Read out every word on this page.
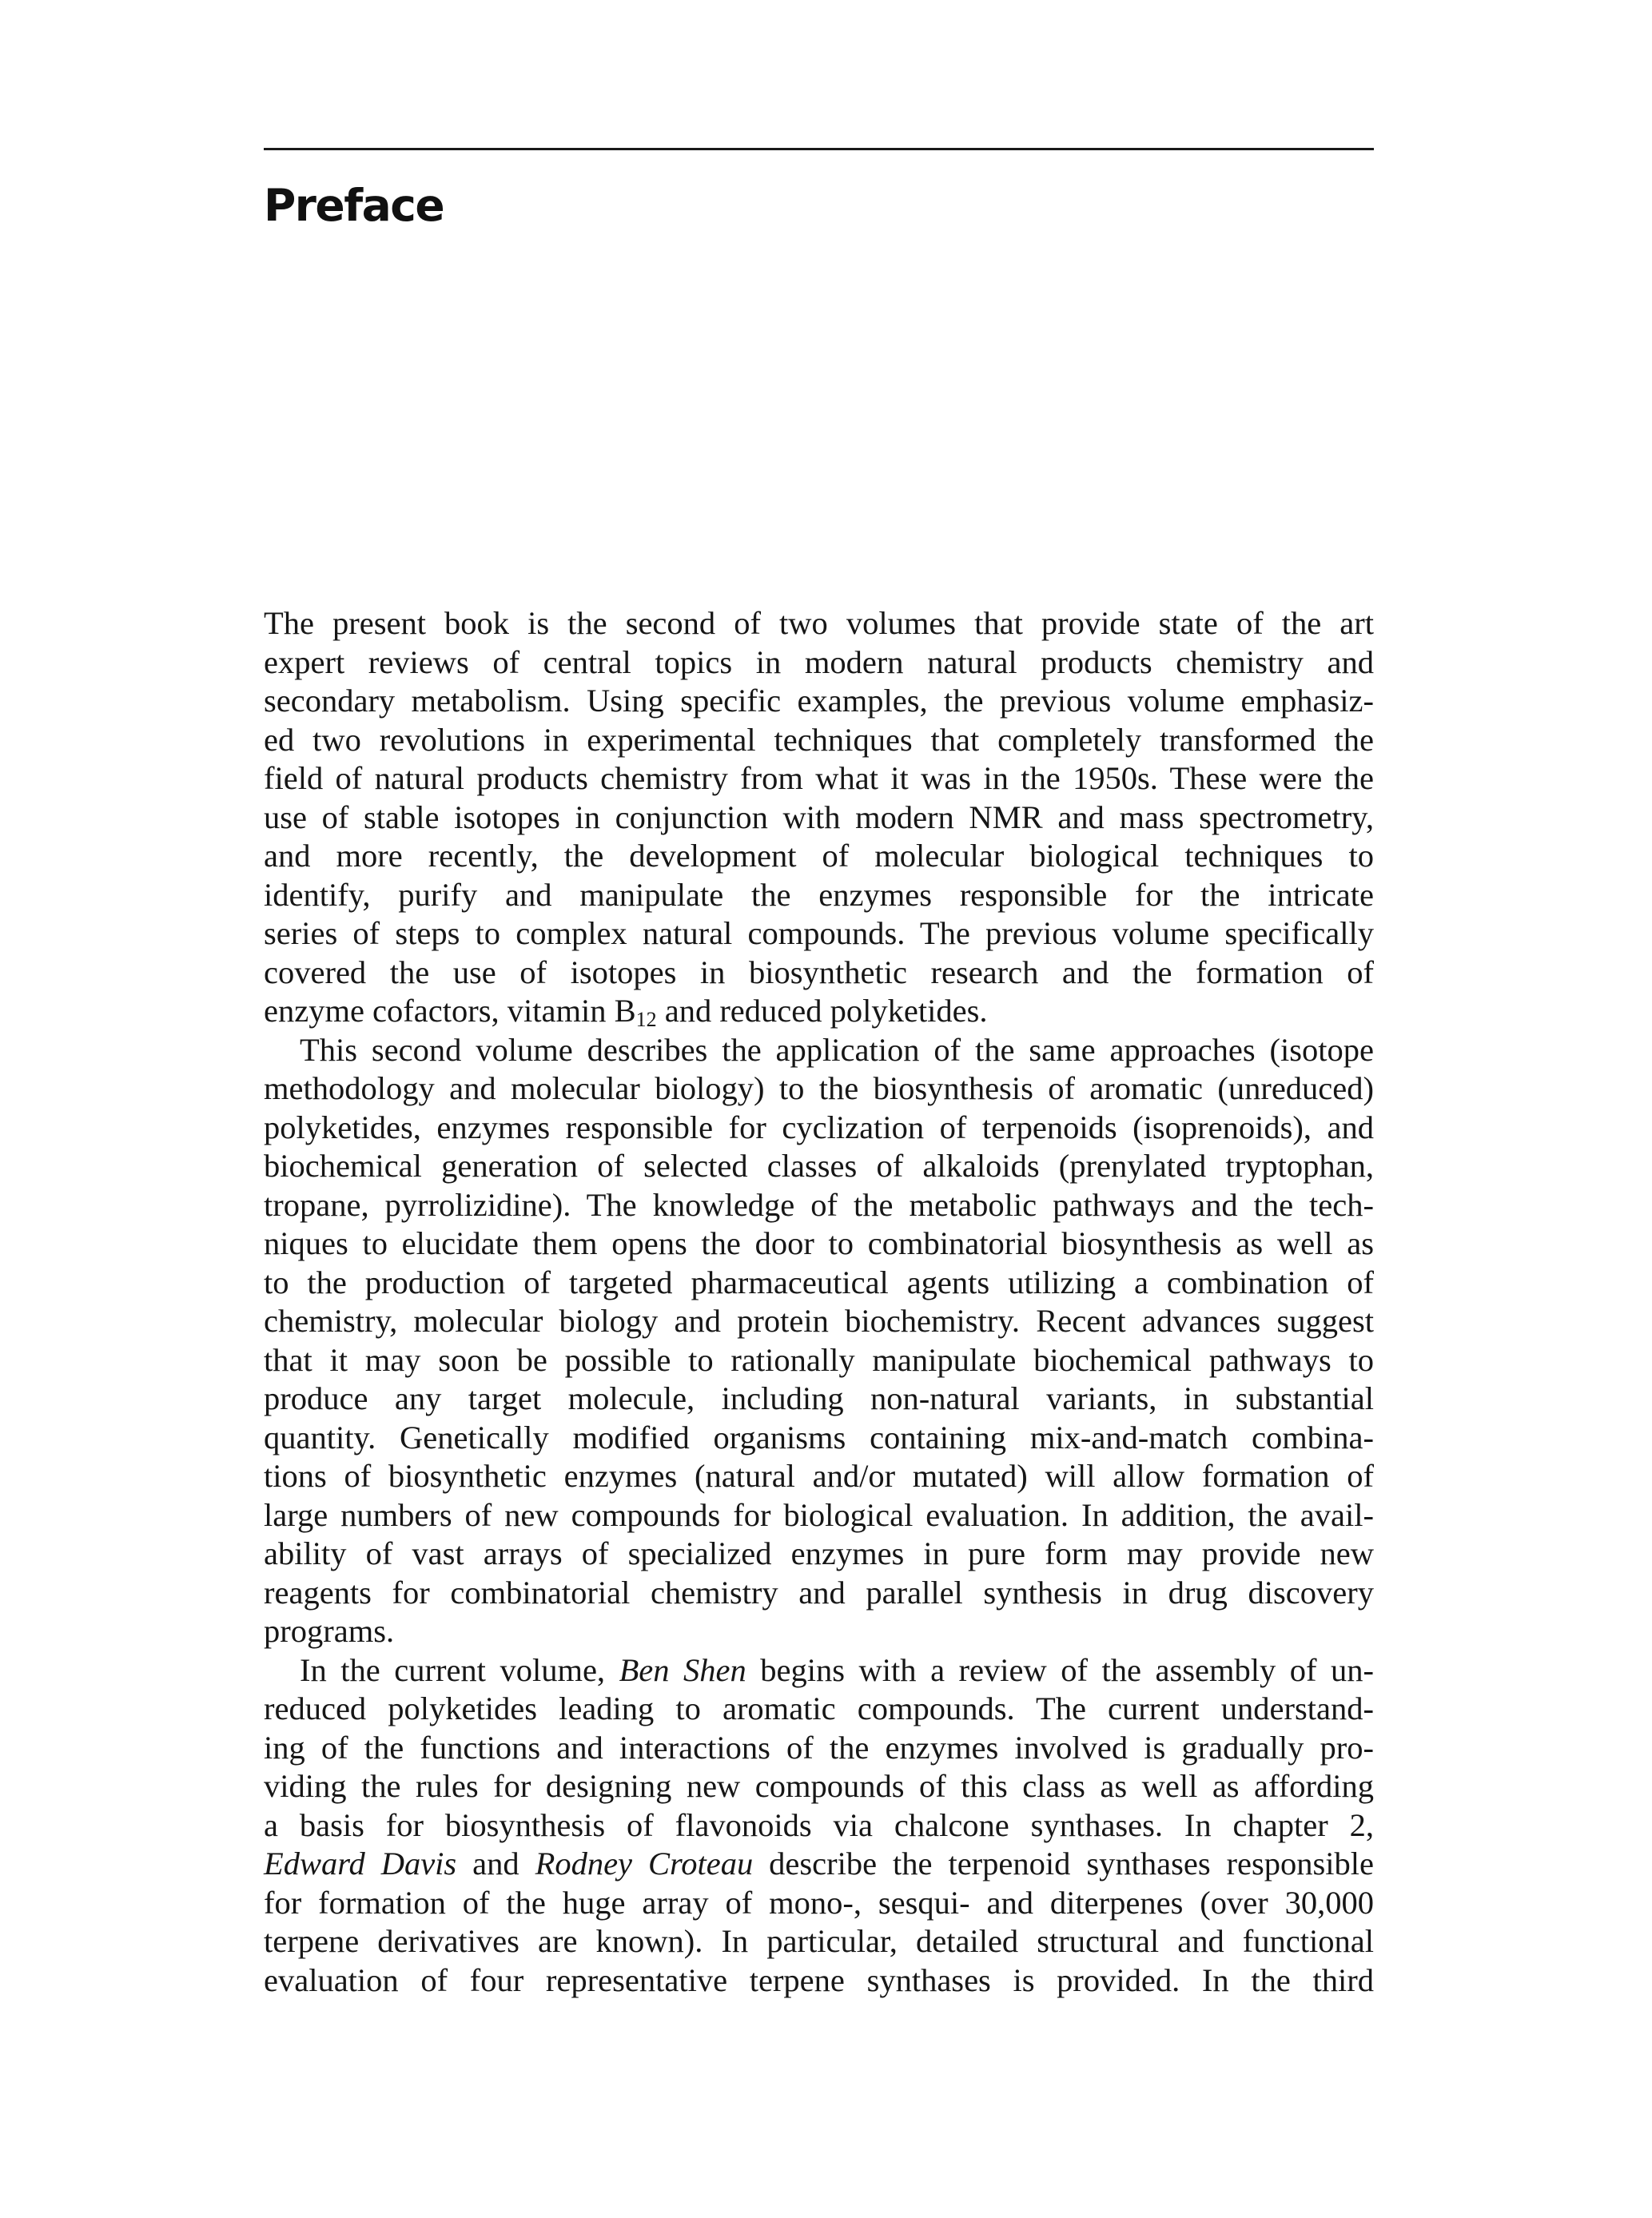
Preface
The present book is the second of two volumes that provide state of the art
expert reviews of central topics in modern natural products chemistry and
secondary metabolism. Using specific examples, the previous volume emphasiz-
ed two revolutions in experimental techniques that completely transformed the
field of natural products chemistry from what it was in the 1950s. These were the
use of stable isotopes in conjunction with modern NMR and mass spectrometry,
and more recently, the development of molecular biological techniques to
identify, purify and manipulate the enzymes responsible for the intricate
series of steps to complex natural compounds. The previous volume specifically
covered the use of isotopes in biosynthetic research and the formation of
enzyme cofactors, vitamin $B_{12}$ and reduced polyketides.
This second volume describes the application of the same approaches (isotope
methodology and molecular biology) to the biosynthesis of aromatic (unreduced)
polyketides, enzymes responsible for cyclization of terpenoids (isoprenoids), and
biochemical generation of selected classes of alkaloids (prenylated tryptophan,
tropane, pyrrolizidine). The knowledge of the metabolic pathways and the tech-
niques to elucidate them opens the door to combinatorial biosynthesis as well as
to the production of targeted pharmaceutical agents utilizing a combination of
chemistry, molecular biology and protein biochemistry. Recent advances suggest
that it may soon be possible to rationally manipulate biochemical pathways to
produce any target molecule, including non-natural variants, in substantial
quantity. Genetically modified organisms containing mix-and-match combina-
tions of biosynthetic enzymes (natural and/or mutated) will allow formation of
large numbers of new compounds for biological evaluation. In addition, the avail-
ability of vast arrays of specialized enzymes in pure form may provide new
reagents for combinatorial chemistry and parallel synthesis in drug discovery
programs.
In the current volume, Ben Shen begins with a review of the assembly of un-
reduced polyketides leading to aromatic compounds. The current understand-
ing of the functions and interactions of the enzymes involved is gradually pro-
viding the rules for designing new compounds of this class as well as affording
a basis for biosynthesis of flavonoids via chalcone synthases. In chapter 2,
Edward Davis and Rodney Croteau describe the terpenoid synthases responsible
for formation of the huge array of mono-, sesqui- and diterpenes (over 30,000
terpene derivatives are known). In particular, detailed structural and functional
evaluation of four representative terpene synthases is provided. In the third
